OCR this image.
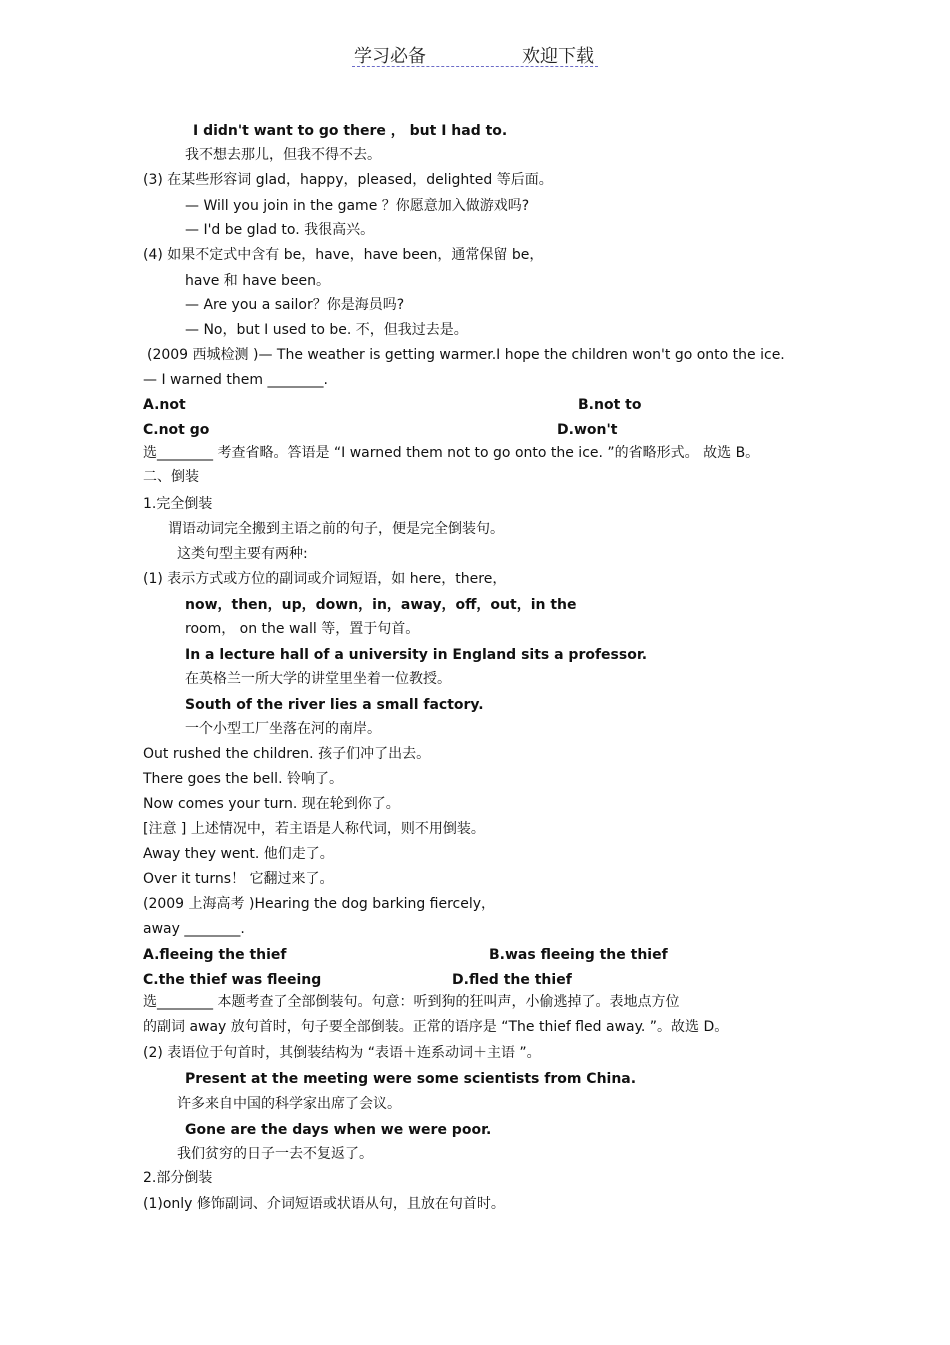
学习必备	欢迎下载
I didn't want to go there ， but I had to.
我不想去那儿，但我不得不去。
(3) 在某些形容词 glad，happy，pleased，delighted 等后面。
— Will you join in the game ？你愿意加入做游戏吗?
— I'd be glad to. 我很高兴。
(4) 如果不定式中含有 be，have，have been，通常保留 be，
have 和 have been。
— Are you a sailor？你是海员吗?
— No，but I used to be. 不，但我过去是。
(2009 西城检测 )— The weather is getting warmer.I hope the children won't go onto the ice.
— I warned them ________.
A.not	B.not to
C.not go	D.won't
选________ 考查省略。答语是 “I warned them not to go onto the ice. ”的省略形式。 故选 B。
二、倒装
1.完全倒装
谓语动词完全搬到主语之前的句子，便是完全倒装句。
这类句型主要有两种:
(1) 表示方式或方位的副词或介词短语，如 here，there，
now，then，up，down，in，away，off，out，in the
room， on the wall 等，置于句首。
In a lecture hall of a university in England sits a professor.
在英格兰一所大学的讲堂里坐着一位教授。
South of the river lies a small factory.
一个小型工厂坐落在河的南岸。
Out rushed the children. 孩子们冲了出去。
There goes the bell. 铃响了。
Now comes your turn. 现在轮到你了。
[注意 ] 上述情况中，若主语是人称代词，则不用倒装。
Away they went. 他们走了。
Over it turns！ 它翻过来了。
(2009 上海高考 )Hearing the dog barking fiercely，
away ________.
A.fleeing the thief	B.was fleeing the thief
C.the thief was fleeing	D.fled the thief
选________ 本题考查了全部倒装句。句意：听到狗的狂叫声，小偷逃掉了。表地点方位
的副词 away 放句首时，句子要全部倒装。正常的语序是 “The thief fled away. ”。故选 D。
(2) 表语位于句首时，其倒装结构为 “表语＋连系动词＋主语 ”。
Present at the meeting were some scientists from China.
许多来自中国的科学家出席了会议。
Gone are the days when we were poor.
我们贫穷的日子一去不复返了。
2.部分倒装
(1)only 修饰副词、介词短语或状语从句，且放在句首时。
